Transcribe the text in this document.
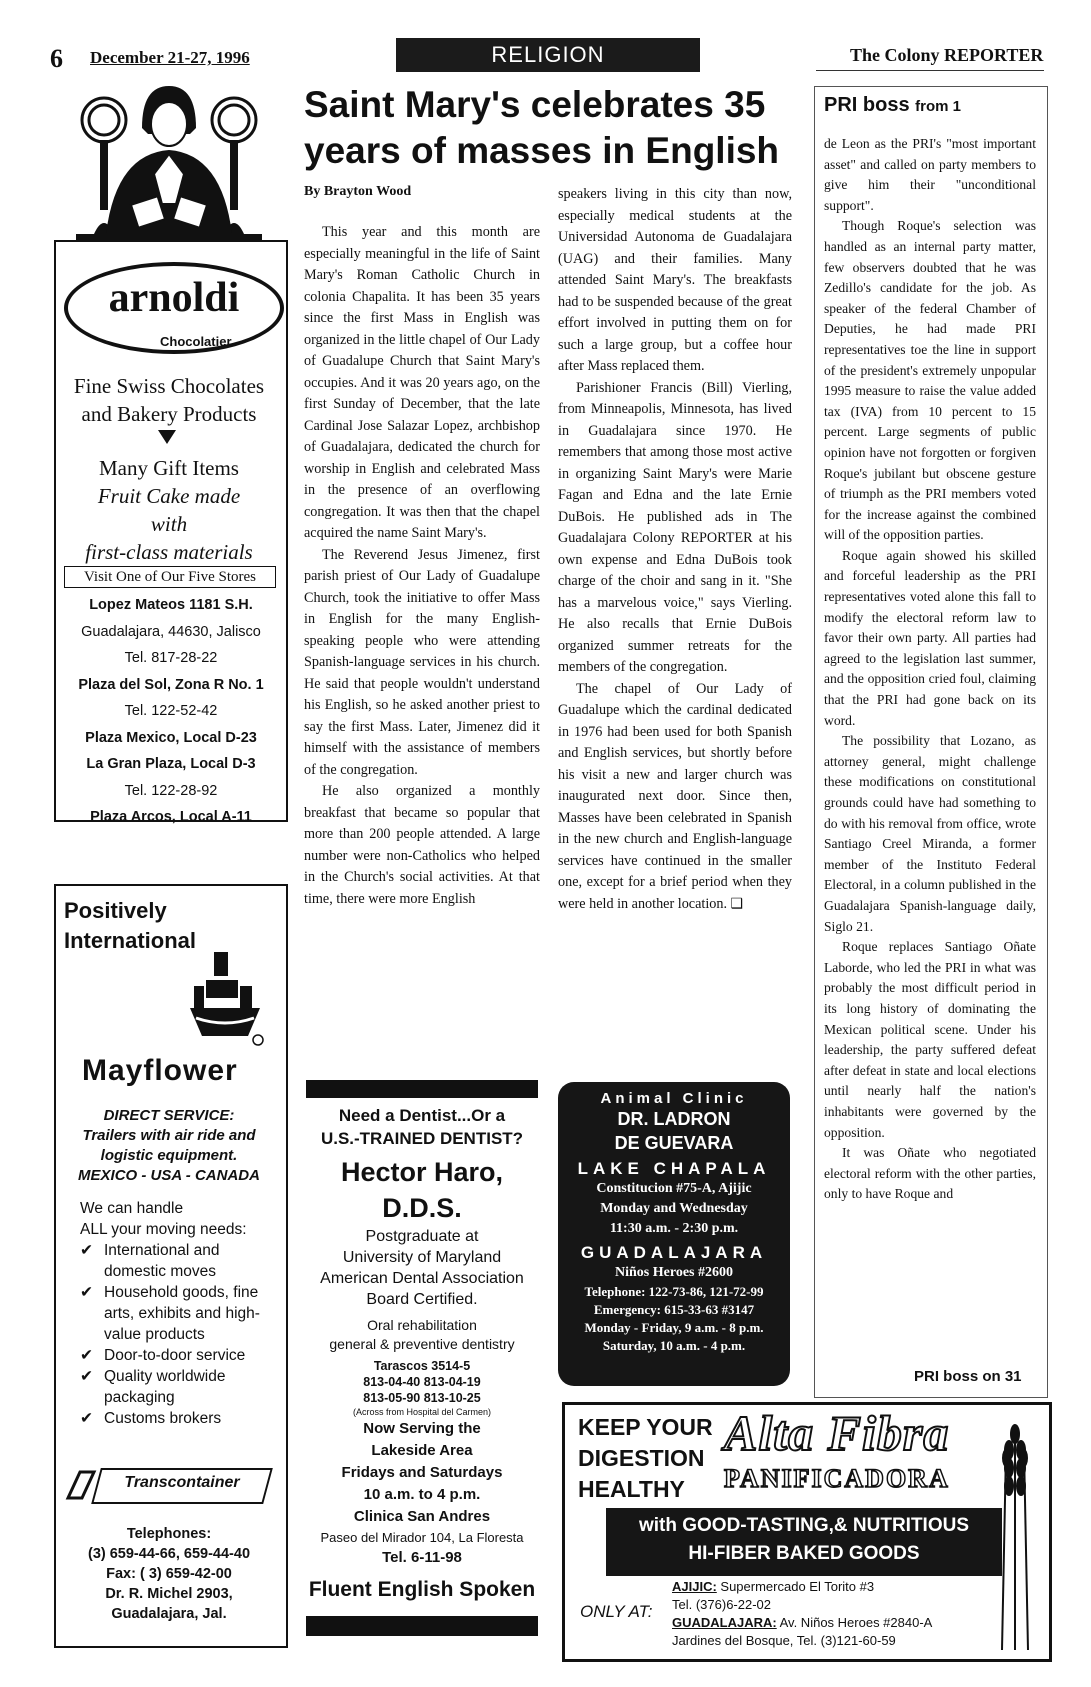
6 December 21-27, 1996	RELIGION	The Colony REPORTER
Saint Mary's celebrates 35 years of masses in English
By Brayton Wood

This year and this month are especially meaningful in the life of Saint Mary's Roman Catholic Church in colonia Chapalita. It has been 35 years since the first Mass in English was organized in the little chapel of Our Lady of Guadalupe Church that Saint Mary's occupies. And it was 20 years ago, on the first Sunday of December, that the late Cardinal Jose Salazar Lopez, archbishop of Guadalajara, dedicated the church for worship in English and celebrated Mass in the presence of an overflowing congregation. It was then that the chapel acquired the name Saint Mary's.

The Reverend Jesus Jimenez, first parish priest of Our Lady of Guadalupe Church, took the initiative to offer Mass in English for the many English-speaking people who were attending Spanish-language services in his church. He said that people wouldn't understand his English, so he asked another priest to say the first Mass. Later, Jimenez did it himself with the assistance of members of the congregation.

He also organized a monthly breakfast that became so popular that more than 200 people attended. A large number were non-Catholics who helped in the Church's social activities. At that time, there were more English

speakers living in this city than now, especially medical students at the Universidad Autonoma de Guadalajara (UAG) and their families. Many attended Saint Mary's. The breakfasts had to be suspended because of the great effort involved in putting them on for such a large group, but a coffee hour after Mass replaced them.

Parishioner Francis (Bill) Vierling, from Minneapolis, Minnesota, has lived in Guadalajara since 1970. He remembers that among those most active in organizing Saint Mary's were Marie Fagan and Edna and the late Ernie DuBois. He published ads in The Guadalajara Colony REPORTER at his own expense and Edna DuBois took charge of the choir and sang in it. "She has a marvelous voice," says Vierling. He also recalls that Ernie DuBois organized summer retreats for the members of the congregation.

The chapel of Our Lady of Guadalupe which the cardinal dedicated in 1976 had been used for both Spanish and English services, but shortly before his visit a new and larger church was inaugurated next door. Since then, Masses have been celebrated in Spanish in the new church and English-language services have continued in the smaller one, except for a brief period when they were held in another location. ❑

PRI boss from 1

de Leon as the PRI's "most important asset" and called on party members to give him their "unconditional support".

Though Roque's selection was handled as an internal party matter, few observers doubted that he was Zedillo's candidate for the job. As speaker of the federal Chamber of Deputies, he had made PRI representatives toe the line in support of the president's extremely unpopular 1995 measure to raise the value added tax (IVA) from 10 percent to 15 percent. Large segments of public opinion have not forgotten or forgiven Roque's jubilant but obscene gesture of triumph as the PRI members voted for the increase against the combined will of the opposition parties.

Roque again showed his skilled and forceful leadership as the PRI representatives voted alone this fall to modify the electoral reform law to favor their own party. All parties had agreed to the legislation last summer, and the opposition cried foul, claiming that the PRI had gone back on its word.

The possibility that Lozano, as attorney general, might challenge these modifications on constitutional grounds could have had something to do with his removal from office, wrote Santiago Creel Miranda, a former member of the Instituto Federal Electoral, in a column published in the Guadalajara Spanish-language daily, Siglo 21.

Roque replaces Santiago Oñate Laborde, who led the PRI in what was probably the most difficult period in its long history of dominating the Mexican political scene. Under his leadership, the party suffered defeat after defeat in state and local elections until nearly half the nation's inhabitants were governed by the opposition.

It was Oñate who negotiated electoral reform with the other parties, only to have Roque and

PRI boss on 31
arnoldi
Chocolatier
Fine Swiss Chocolates and Bakery Products
Many Gift Items
Fruit Cake made
with
first-class materials
Visit One of Our Five Stores
Lopez Mateos 1181 S.H.
Guadalajara, 44630, Jalisco
Tel. 817-28-22
Plaza del Sol, Zona R No. 1
Tel. 122-52-42
Plaza Mexico, Local D-23
La Gran Plaza, Local D-3
Tel. 122-28-92
Plaza Arcos, Local A-11
Positively
International
Mayflower
DIRECT SERVICE:
Trailers with air ride and
logistic equipment.
MEXICO - USA - CANADA
We can handle
ALL your moving needs:
✔ International and domestic moves
✔ Household goods, fine arts, exhibits and high-value products
✔ Door-to-door service
✔ Quality worldwide packaging
✔ Customs brokers
Transcontainer
Telephones:
(3) 659-44-66, 659-44-40
Fax: ( 3) 659-42-00
Dr. R. Michel 2903,
Guadalajara, Jal.
Need a Dentist...Or a
U.S.-TRAINED DENTIST?
Hector Haro, D.D.S.
Postgraduate at
University of Maryland
American Dental Association
Board Certified.
Oral rehabilitation
general & preventive dentistry
Tarascos 3514-5
813-04-40 813-04-19
813-05-90 813-10-25
(Across from Hospital del Carmen)
Now Serving the
Lakeside Area
Fridays and Saturdays
10 a.m. to 4 p.m.
Clinica San Andres
Paseo del Mirador 104, La Floresta
Tel. 6-11-98
Fluent English Spoken
Animal Clinic
DR. LADRON
DE GUEVARA
LAKE CHAPALA
Constitucion #75-A, Ajijic
Monday and Wednesday
11:30 a.m. - 2:30 p.m.
GUADALAJARA
Niños Heroes #2600
Telephone: 122-73-86, 121-72-99
Emergency: 615-33-63 #3147
Monday - Friday, 9 a.m. - 8 p.m.
Saturday, 10 a.m. - 4 p.m.
KEEP YOUR
DIGESTION
HEALTHY
Alta Fibra
PANIFICADORA
with GOOD-TASTING,& NUTRITIOUS
HI-FIBER BAKED GOODS
ONLY AT:
AJIJIC: Supermercado El Torito #3
Tel. (376)6-22-02
GUADALAJARA: Av. Niños Heroes #2840-A
Jardines del Bosque, Tel. (3)121-60-59
